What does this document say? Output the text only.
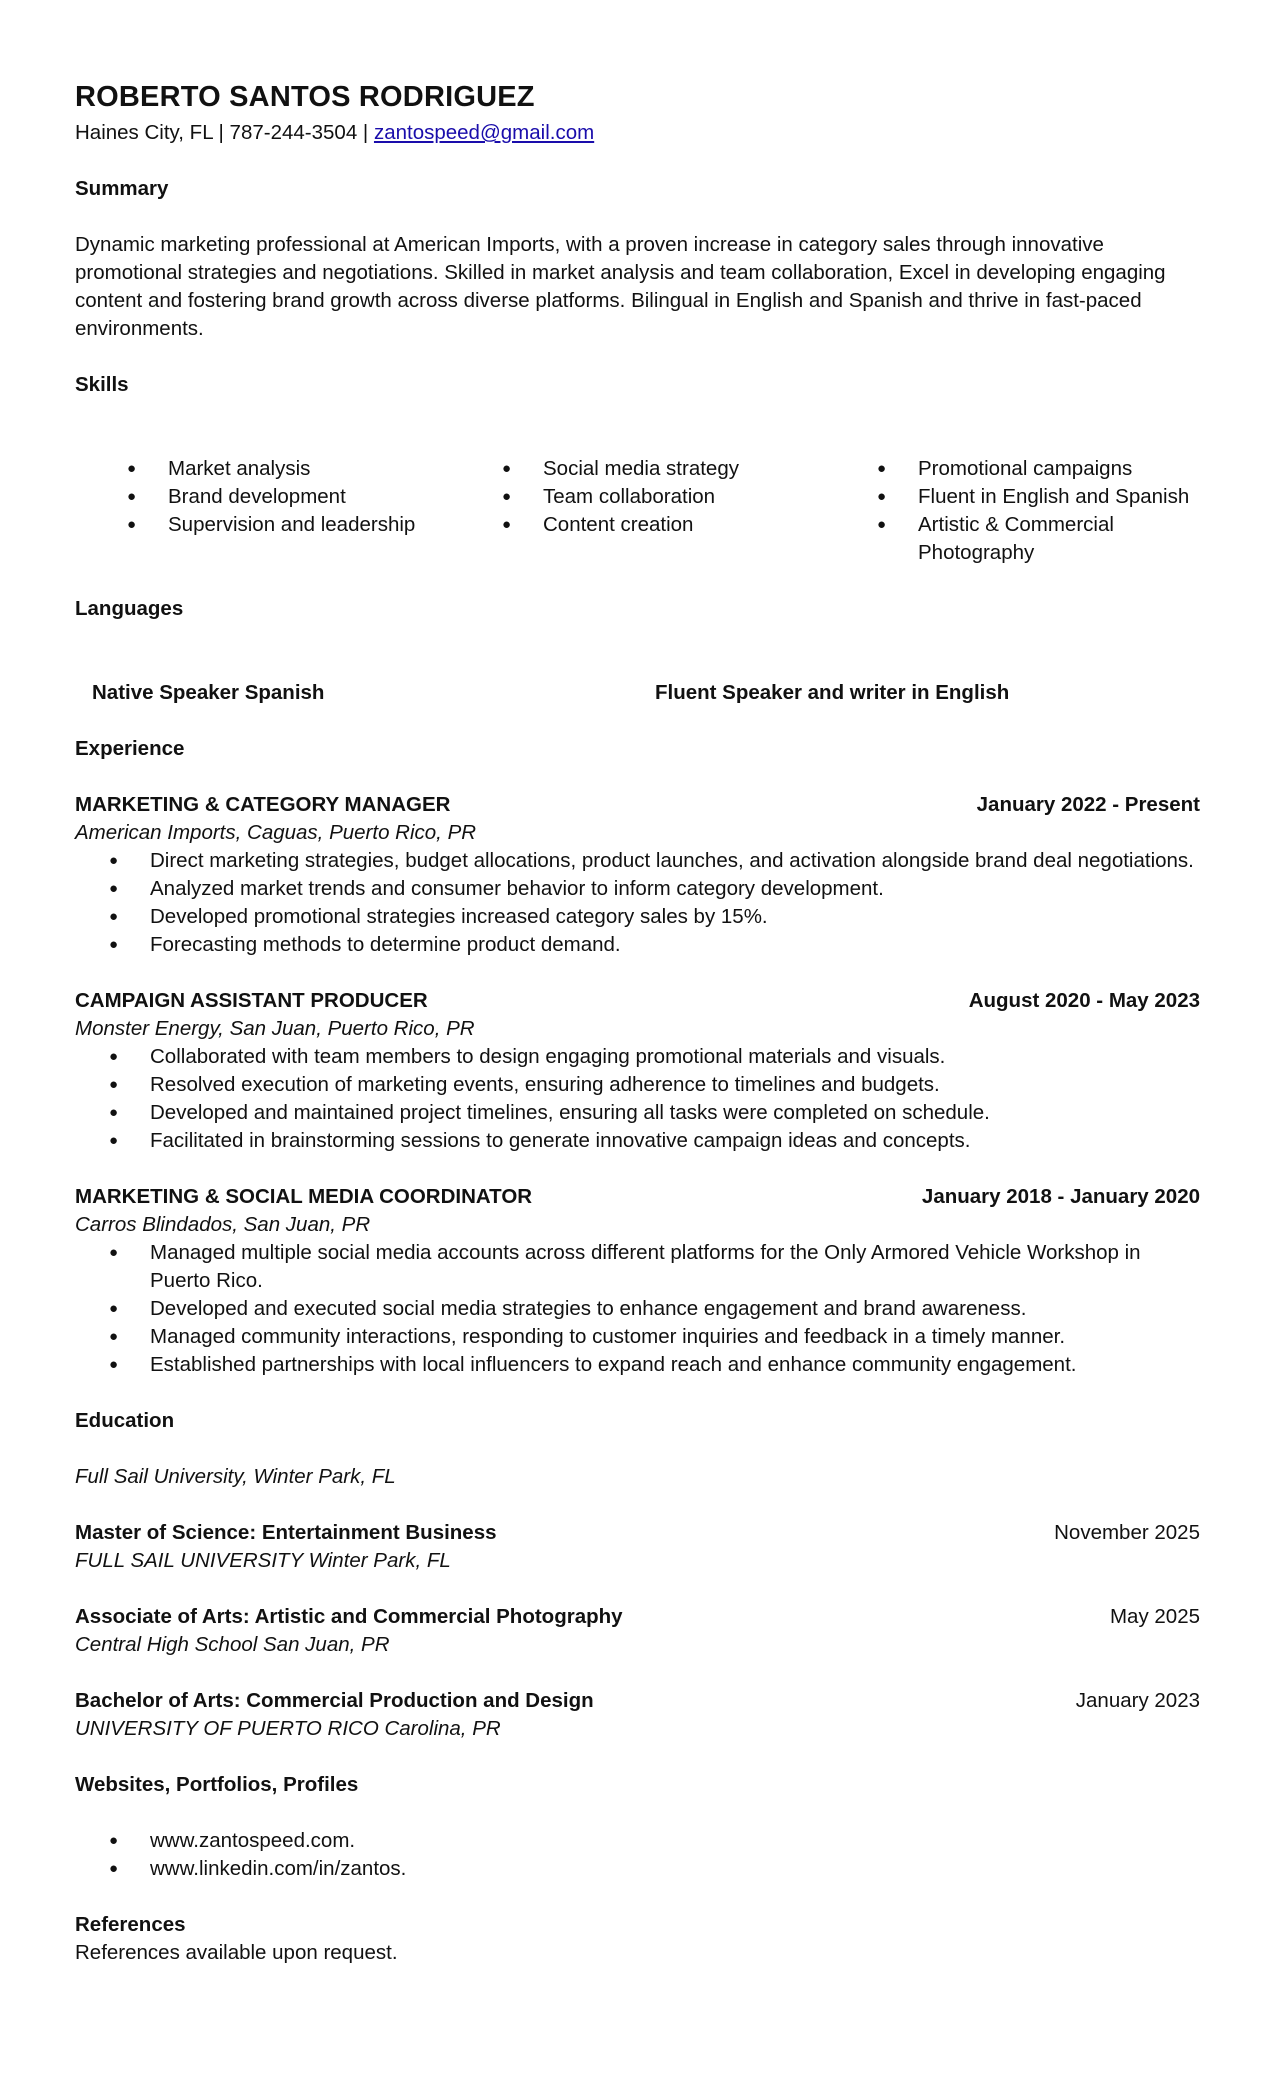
ROBERTO SANTOS RODRIGUEZ
Haines City, FL | 787-244-3504 | zantospeed@gmail.com
Summary

Dynamic marketing professional at American Imports, with a proven increase in category sales through innovative promotional strategies and negotiations. Skilled in market analysis and team collaboration, Excel in developing engaging content and fostering brand growth across diverse platforms. Bilingual in English and Spanish and thrive in fast-paced environments.

Skills
● Market analysis
● Brand development
● Supervision and leadership
● Social media strategy
● Team collaboration
● Content creation
● Promotional campaigns
● Fluent in English and Spanish
● Artistic & Commercial Photography
Languages
Native Speaker Spanish	Fluent Speaker and writer in English
Experience
MARKETING & CATEGORY MANAGER	January 2022 - Present
American Imports, Caguas, Puerto Rico, PR
● Direct marketing strategies, budget allocations, product launches, and activation alongside brand deal negotiations.
● Analyzed market trends and consumer behavior to inform category development.
● Developed promotional strategies increased category sales by 15%.
● Forecasting methods to determine product demand.
CAMPAIGN ASSISTANT PRODUCER	August 2020 - May 2023
Monster Energy, San Juan, Puerto Rico, PR
● Collaborated with team members to design engaging promotional materials and visuals.
● Resolved execution of marketing events, ensuring adherence to timelines and budgets.
● Developed and maintained project timelines, ensuring all tasks were completed on schedule.
● Facilitated in brainstorming sessions to generate innovative campaign ideas and concepts.
MARKETING & SOCIAL MEDIA COORDINATOR	January 2018 - January 2020
Carros Blindados, San Juan, PR
● Managed multiple social media accounts across different platforms for the Only Armored Vehicle Workshop in Puerto Rico.
● Developed and executed social media strategies to enhance engagement and brand awareness.
● Managed community interactions, responding to customer inquiries and feedback in a timely manner.
● Established partnerships with local influencers to expand reach and enhance community engagement.
Education
Full Sail University, Winter Park, FL
Master of Science: Entertainment Business	November 2025
FULL SAIL UNIVERSITY Winter Park, FL
Associate of Arts: Artistic and Commercial Photography	May 2025
Central High School San Juan, PR
Bachelor of Arts: Commercial Production and Design	January 2023
UNIVERSITY OF PUERTO RICO Carolina, PR
Websites, Portfolios, Profiles
● www.zantospeed.com.
● www.linkedin.com/in/zantos.
References
References available upon request.
